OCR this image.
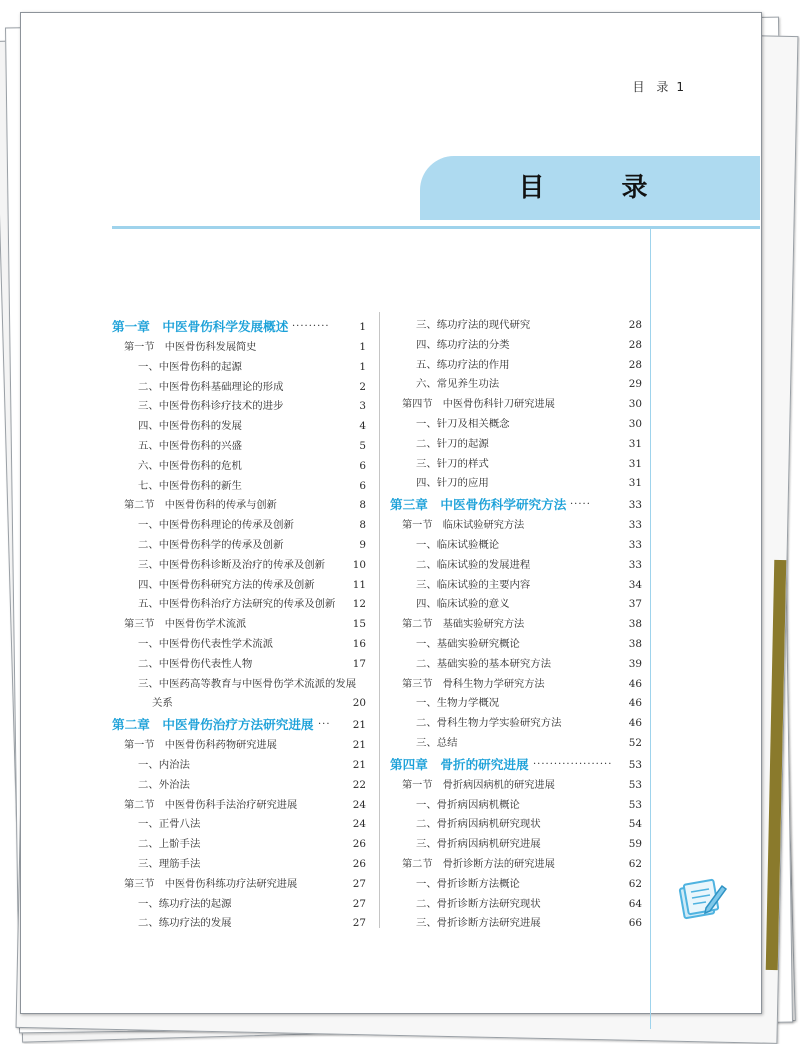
目 录 1
目 录
第一章　中医骨伤科学发展概述 ·········	1
第一节　中医骨伤科发展简史	1
一、中医骨伤科的起源	1
二、中医骨伤科基础理论的形成	2
三、中医骨伤科诊疗技术的进步	3
四、中医骨伤科的发展	4
五、中医骨伤科的兴盛	5
六、中医骨伤科的危机	6
七、中医骨伤科的新生	6
第二节　中医骨伤科的传承与创新	8
一、中医骨伤科理论的传承及创新	8
二、中医骨伤科学的传承及创新	9
三、中医骨伤科诊断及治疗的传承及创新	10
四、中医骨伤科研究方法的传承及创新	11
五、中医骨伤科治疗方法研究的传承及创新 12
第三节　中医骨伤学术流派	15
一、中医骨伤代表性学术流派	16
二、中医骨伤代表性人物	17
三、中医药高等教育与中医骨伤学术流派的发展
关系	20
第二章　中医骨伤治疗方法研究进展 ··· 21
第一节　中医骨伤科药物研究进展	21
一、内治法	21
二、外治法	22
第二节　中医骨伤科手法治疗研究进展	24
一、正骨八法	24
二、上骱手法	26
三、理筋手法	26
第三节　中医骨伤科练功疗法研究进展	27
一、练功疗法的起源	27
二、练功疗法的发展	27
三、练功疗法的现代研究	28
四、练功疗法的分类	28
五、练功疗法的作用	28
六、常见养生功法	29
第四节　中医骨伤科针刀研究进展	30
一、针刀及相关概念	30
二、针刀的起源	31
三、针刀的样式	31
四、针刀的应用	31
第三章　中医骨伤科学研究方法 ·····	33
第一节　临床试验研究方法	33
一、临床试验概论	33
二、临床试验的发展进程	33
三、临床试验的主要内容	34
四、临床试验的意义	37
第二节　基础实验研究方法	38
一、基础实验研究概论	38
二、基础实验的基本研究方法	39
第三节　骨科生物力学研究方法	46
一、生物力学概况	46
二、骨科生物力学实验研究方法	46
三、总结	52
第四章　骨折的研究进展 ··················· 53
第一节　骨折病因病机的研究进展	53
一、骨折病因病机概论	53
二、骨折病因病机研究现状	54
三、骨折病因病机研究进展	59
第二节　骨折诊断方法的研究进展	62
一、骨折诊断方法概论	62
二、骨折诊断方法研究现状	64
三、骨折诊断方法研究进展	66
